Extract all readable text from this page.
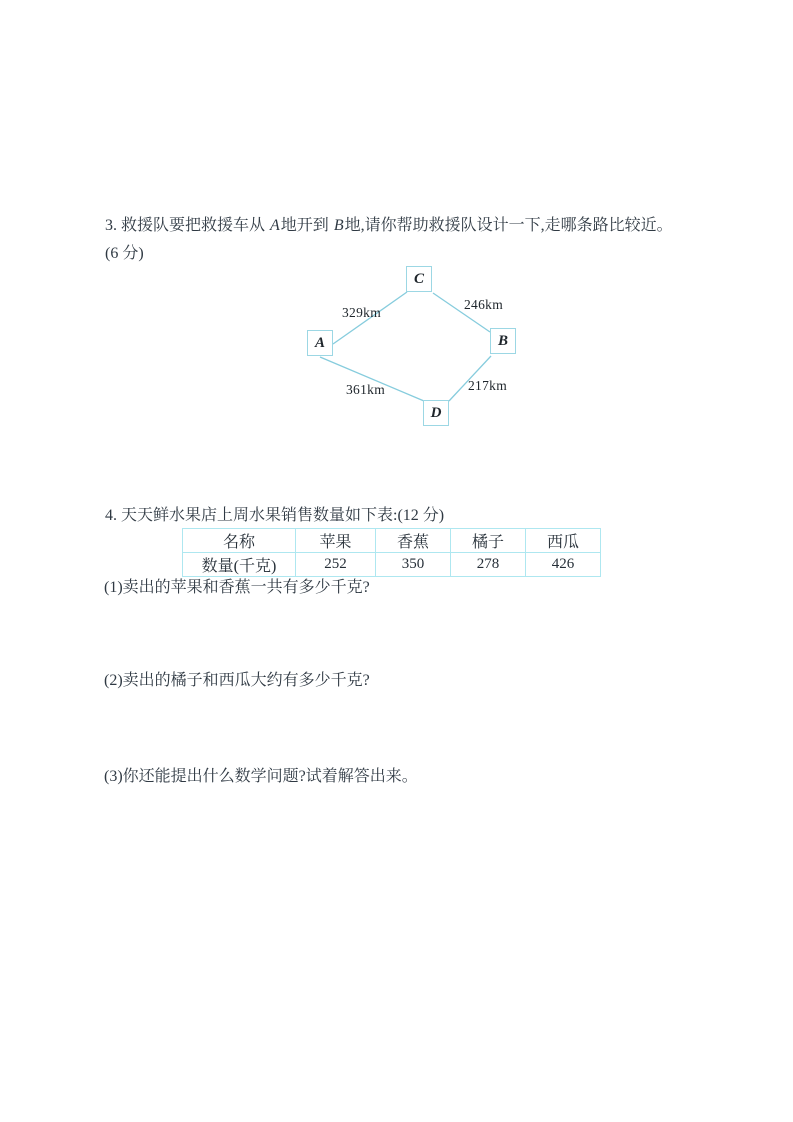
3. 救援队要把救援车从 A地开到 B地,请你帮助救援队设计一下,走哪条路比较近。
(6 分)
A
C
B
D
329km
246km
361km	217km
4. 天天鲜水果店上周水果销售数量如下表:(12 分)
名称	苹果	香蕉	橘子	西瓜
数量(千克)	252	350	278	426
(1)卖出的苹果和香蕉一共有多少千克?
(2)卖出的橘子和西瓜大约有多少千克?
(3)你还能提出什么数学问题?试着解答出来。
